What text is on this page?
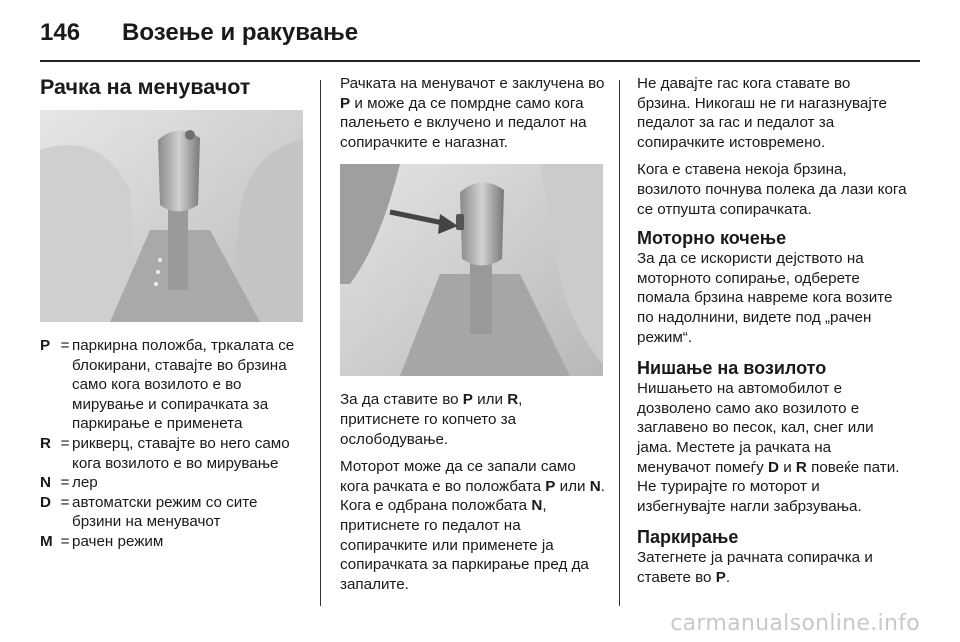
146 Возење и ракување
Рачка на менувачот
P = паркирна положба, тркалата се блокирани, ставајте во брзина само кога возилото е во мирување и сопирачката за паркирање е применета
R = рикверц, ставајте во него само кога возилото е во мирување
N = лер
D = автоматски режим со сите брзини на менувачот
M = рачен режим

Рачката на менувачот е заклучена во P и може да се помрдне само кога палењето е вклучено и педалот на сопирачките е нагазнат.

За да ставите во P или R, притиснете го копчето за ослободување.

Моторот може да се запали само кога рачката е во положбата P или N. Кога е одбрана положбата N, притиснете го педалот на сопирачките или применете ја сопирачката за паркирање пред да запалите.

Не давајте гас кога ставате во брзина. Никогаш не ги нагазнувајте педалот за гас и педалот за сопирачките истовремено.

Кога е ставена некоја брзина, возилото почнува полека да лази кога се отпушта сопирачката.

Моторно кочење

За да се искористи дејството на моторното сопирање, одберете помала брзина навреме кога возите по надолнини, видете под „рачен режим“.

Нишање на возилото

Нишањето на автомобилот е дозволено само ако возилото е заглавено во песок, кал, снег или јама. Местете ја рачката на менувачот помеѓу D и R повеќе пати. Не турирајте го моторот и избегнувајте нагли забрзувања.

Паркирање

Затегнете ја рачната сопирачка и ставете во P.

carmanualsonline.info
